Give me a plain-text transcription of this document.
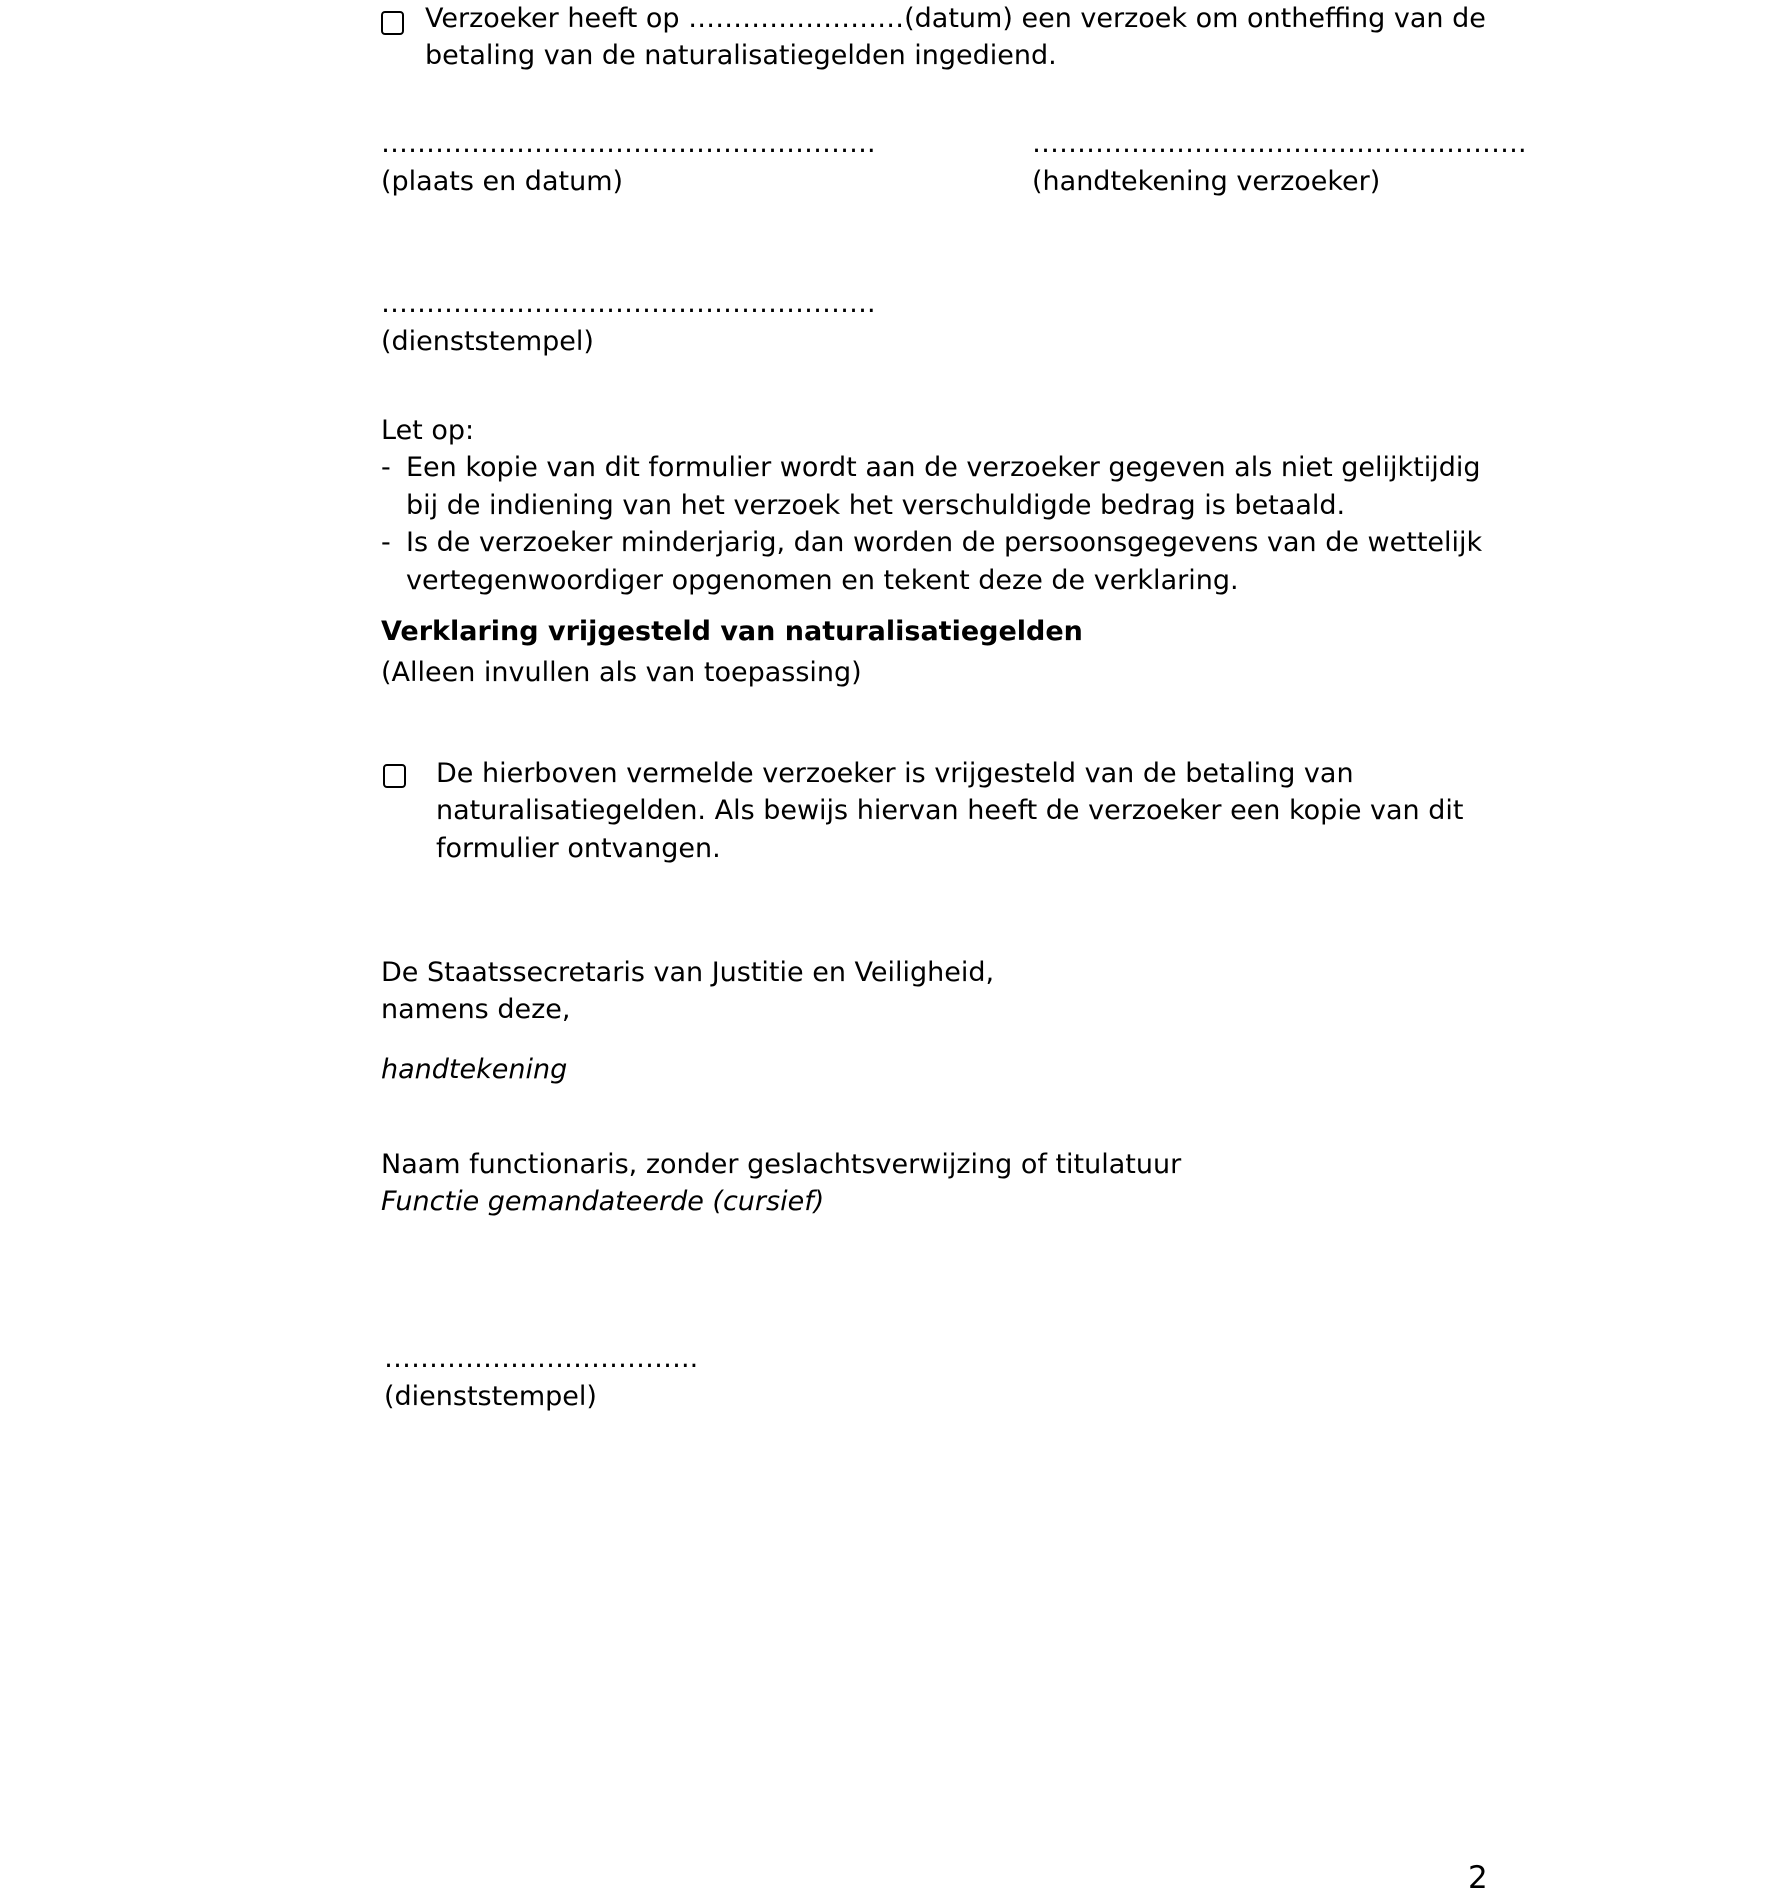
Verzoeker heeft op ……………………(datum) een verzoek om ontheffing van de
betaling van de naturalisatiegelden ingediend.
……………………………………………….	……………………………………………….
(plaats en datum)	(handtekening verzoeker)
……………………………………………….
(dienststempel)
Let op:
- Een kopie van dit formulier wordt aan de verzoeker gegeven als niet gelijktijdig
bij de indiening van het verzoek het verschuldigde bedrag is betaald.
- Is de verzoeker minderjarig, dan worden de persoonsgegevens van de wettelijk
vertegenwoordiger opgenomen en tekent deze de verklaring.
Verklaring vrijgesteld van naturalisatiegelden
(Alleen invullen als van toepassing)
De hierboven vermelde verzoeker is vrijgesteld van de betaling van
naturalisatiegelden. Als bewijs hiervan heeft de verzoeker een kopie van dit
formulier ontvangen.
De Staatssecretaris van Justitie en Veiligheid,
namens deze,
handtekening
Naam functionaris, zonder geslachtsverwijzing of titulatuur
Functie gemandateerde (cursief)
……………………………..
(dienststempel)
2
